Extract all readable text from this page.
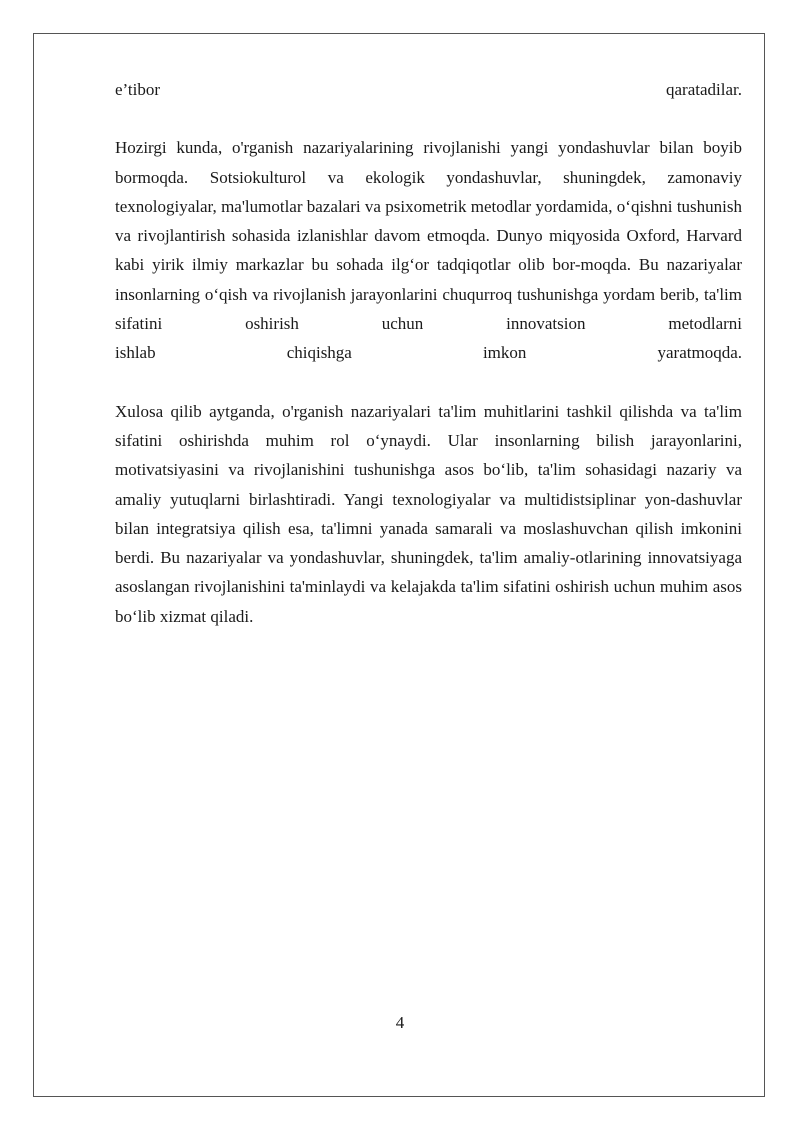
e’tibor	qaratadilar.

Hozirgi kunda, o'rganish nazariyalarining rivojlanishi yangi yondashuvlar bilan boyib bormoqda. Sotsiokulturol va ekologik yondashuvlar, shuningdek, zamonaviy texnologiyalar, ma'lumotlar bazalari va psixometrik metodlar yordamida, o‘qishni tushunish va rivojlantirish sohasida izlanishlar davom etmoqda. Dunyo miqyosida Oxford, Harvard kabi yirik ilmiy markazlar bu sohada ilg‘or tadqiqotlar olib bor-moqda. Bu nazariyalar insonlarning o‘qish va rivojlanish jarayonlarini chuqurroq tushunishga yordam berib, ta'lim sifatini oshirish uchun innovatsion metodlarni

ishlab	chiqishga	imkon	yaratmoqda.

Xulosa qilib aytganda, o'rganish nazariyalari ta'lim muhitlarini tashkil qilishda va ta'lim sifatini oshirishda muhim rol o‘ynaydi. Ular insonlarning bilish jarayonlarini, motivatsiyasini va rivojlanishini tushunishga asos bo‘lib, ta'lim sohasidagi nazariy va amaliy yutuqlarni birlashtiradi. Yangi texnologiyalar va multidistsiplinar yon-dashuvlar bilan integratsiya qilish esa, ta'limni yanada samarali va moslashuvchan qilish imkonini berdi. Bu nazariyalar va yondashuvlar, shuningdek, ta'lim amaliy-otlarining innovatsiyaga asoslangan rivojlanishini ta'minlaydi va kelajakda ta'lim sifatini oshirish uchun muhim asos bo‘lib xizmat qiladi.

4
